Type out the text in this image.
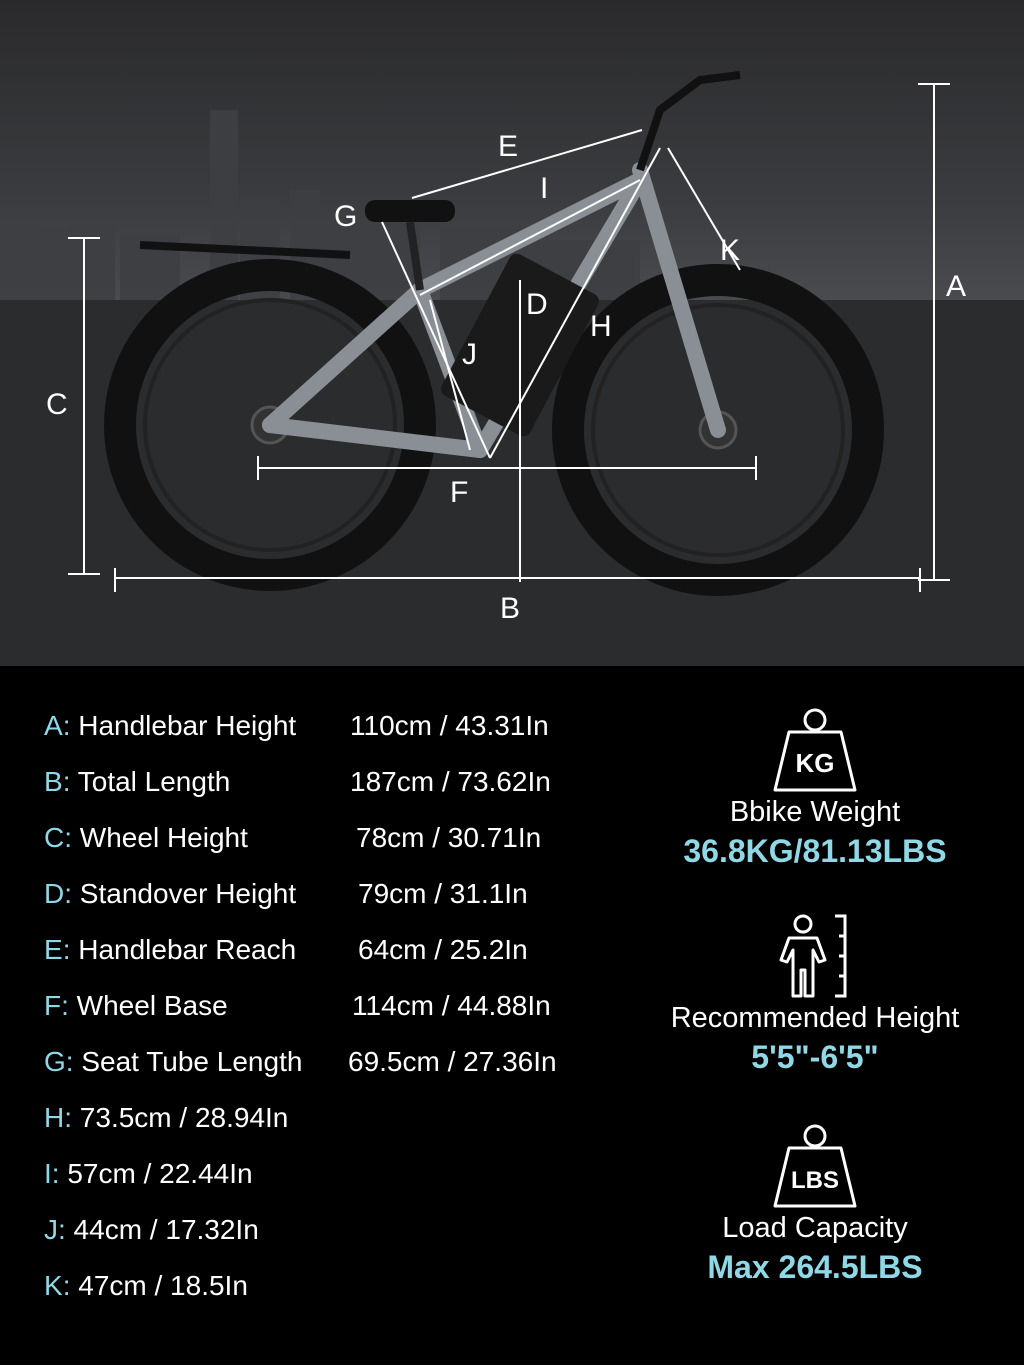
A
B
C
D
E
F
G
H
I
J
K
A: Handlebar Height 110cm / 43.31In
B: Total Length	187cm / 73.62In
C: Wheel Height	78cm / 30.71In
D: Standover Height 79cm / 31.1In
E: Handlebar Reach 64cm / 25.2In
F: Wheel Base	114cm / 44.88In
G: Seat Tube Length 69.5cm / 27.36In
H: 73.5cm / 28.94In
I: 57cm / 22.44In
J: 44cm / 17.32In
K: 47cm / 18.5In
KG
Bbike Weight
36.8KG/81.13LBS
Recommended Height
5'5"-6'5"
LBS
Load Capacity
Max 264.5LBS
